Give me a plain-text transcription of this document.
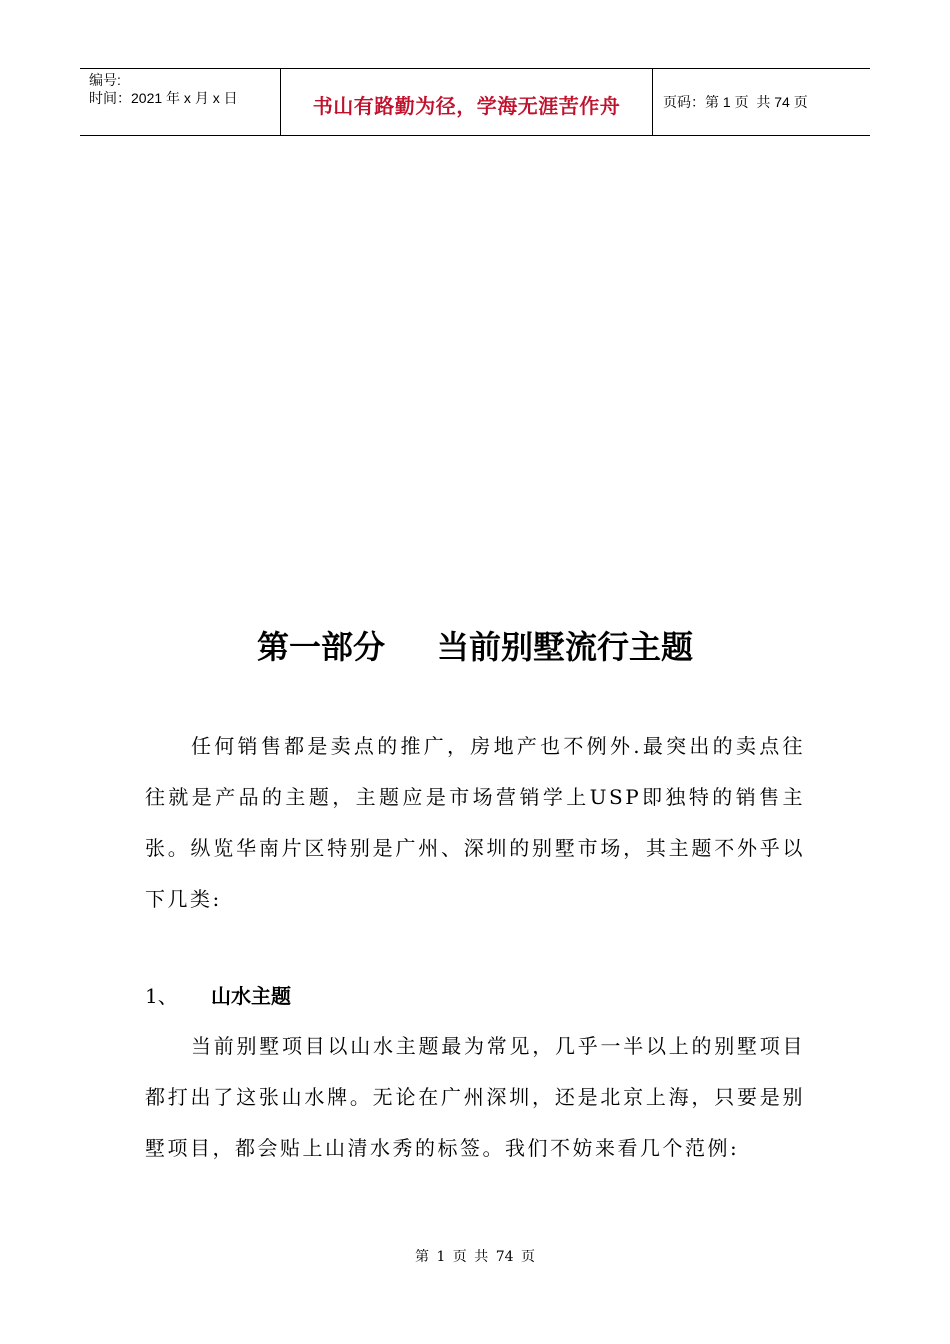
编号:
时间：2021 年 x 月 x 日	书山有路勤为径，学海无涯苦作舟	页码：第 1 页  共 74 页
第一部分 当前别墅流行主题

任何销售都是卖点的推广，房地产也不例外.最突出的卖点往往就是产品的主题，主题应是市场营销学上USP即独特的销售主张。纵览华南片区特别是广州、深圳的别墅市场，其主题不外乎以下几类:

1、	山水主题

当前别墅项目以山水主题最为常见，几乎一半以上的别墅项目都打出了这张山水牌。无论在广州深圳，还是北京上海，只要是别墅项目，都会贴上山清水秀的标签。我们不妨来看几个范例:

第 1 页 共 74 页
